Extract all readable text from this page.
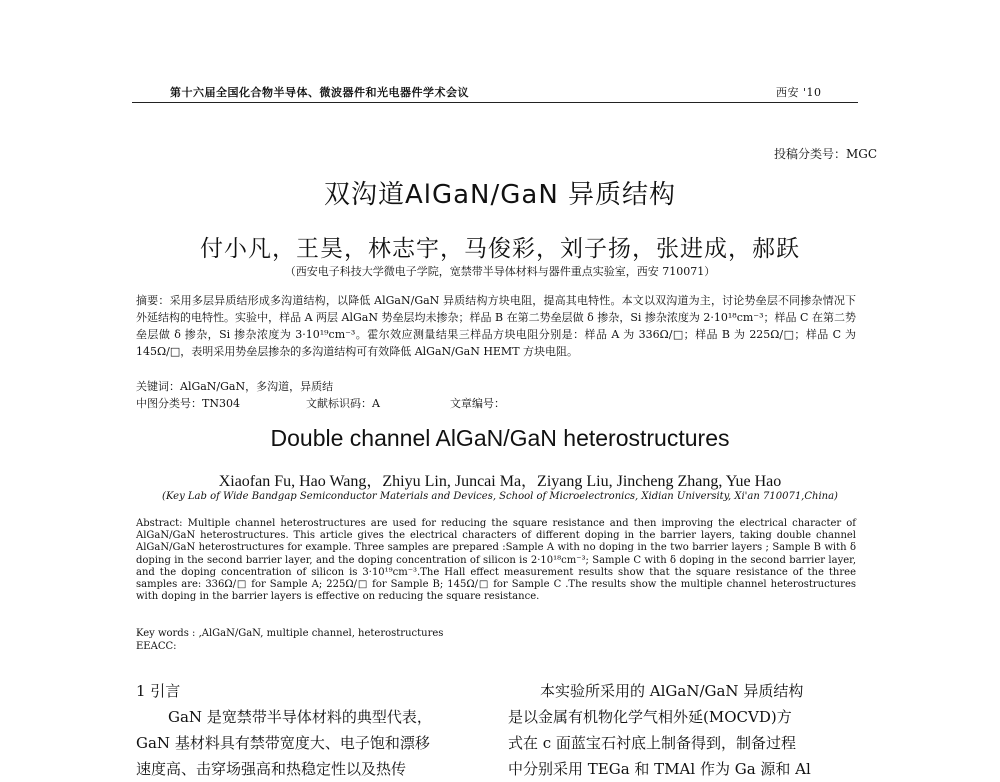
第十六届全国化合物半导体、微波器件和光电器件学术会议	西安 '10
投稿分类号：MGC
双沟道AlGaN/GaN 异质结构
付小凡，王昊，林志宇，马俊彩，刘子扬，张进成，郝跃
（西安电子科技大学微电子学院，宽禁带半导体材料与器件重点实验室，西安 710071）
摘要：采用多层异质结形成多沟道结构，以降低 AlGaN/GaN 异质结构方块电阻，提高其电特性。本文以双沟道为主，讨论势垒层不同掺杂情况下外延结构的电特性。实验中，样品 A 两层 AlGaN 势垒层均未掺杂；样品 B 在第二势垒层做 δ 掺杂，Si 掺杂浓度为 2·10¹⁸cm⁻³；样品 C 在第二势垒层做 δ 掺杂，Si 掺杂浓度为 3·10¹⁹cm⁻³。霍尔效应测量结果三样品方块电阻分别是：样品 A 为 336Ω/□；样品 B 为 225Ω/□；样品 C 为 145Ω/□，表明采用势垒层掺杂的多沟道结构可有效降低 AlGaN/GaN HEMT 方块电阻。
关键词：AlGaN/GaN，多沟道，异质结
中图分类号：TN304	文献标识码：A	文章编号：
Double channel AlGaN/GaN heterostructures
Xiaofan Fu, Hao Wang，Zhiyu Lin, Juncai Ma，Ziyang Liu, Jincheng Zhang, Yue Hao
(Key Lab of Wide Bandgap Semiconductor Materials and Devices, School of Microelectronics, Xidian University, Xi'an 710071,China)
Abstract: Multiple channel heterostructures are used for reducing the square resistance and then improving the electrical character of AlGaN/GaN heterostructures. This article gives the electrical characters of different doping in the barrier layers, taking double channel AlGaN/GaN heterostructures for example. Three samples are prepared :Sample A with no doping in the two barrier layers ; Sample B with δ doping in the second barrier layer, and the doping concentration of silicon is 2·10¹⁸cm⁻³; Sample C with δ doping in the second barrier layer, and the doping concentration of silicon is 3·10¹⁹cm⁻³.The Hall effect measurement results show that the square resistance of the three samples are: 336Ω/□ for Sample A; 225Ω/□ for Sample B; 145Ω/□ for Sample C .The results show the multiple channel heterostructures with doping in the barrier layers is effective on reducing the square resistance.
Key words : ,AlGaN/GaN, multiple channel, heterostructures
EEACC:
1 引言
GaN 是宽禁带半导体材料的典型代表，
GaN 基材料具有禁带宽度大、电子饱和漂移
速度高、击穿场强高和热稳定性以及热传
本实验所采用的 AlGaN/GaN 异质结构
是以金属有机物化学气相外延(MOCVD)方
式在 c 面蓝宝石衬底上制备得到，制备过程
中分别采用 TEGa 和 TMAl 作为 Ga 源和 Al
